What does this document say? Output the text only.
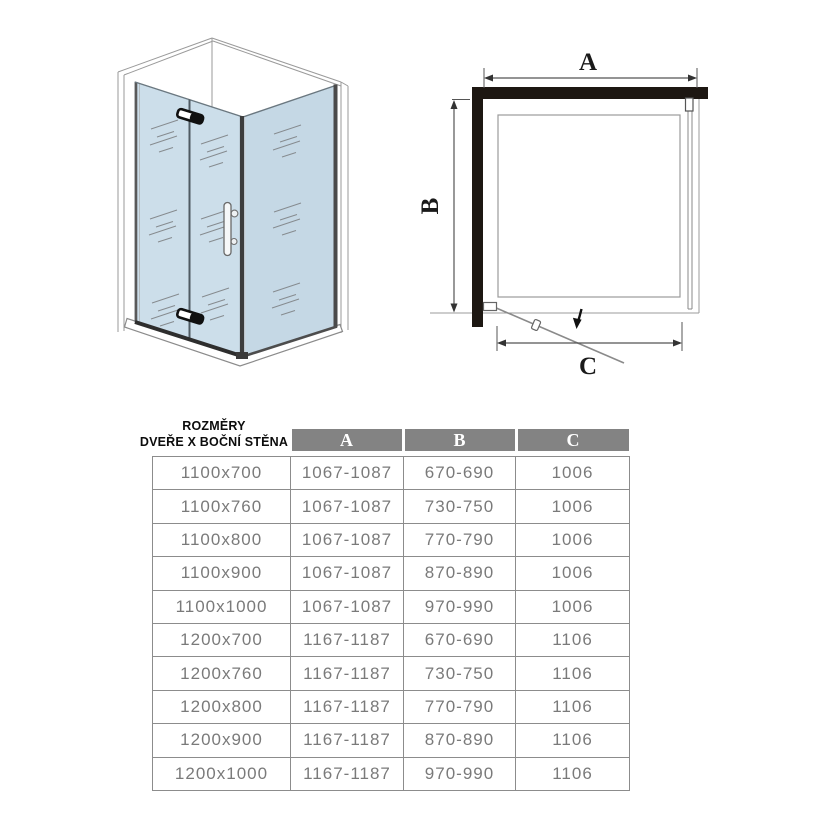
A
B
C
ROZMĚRY
DVEŘE X BOČNÍ STĚNA	A	B	C
1100x700	1067-1087	670-690	1006
1100x760	1067-1087	730-750	1006
1100x800	1067-1087	770-790	1006
1100x900	1067-1087	870-890	1006
1100x1000	1067-1087	970-990	1006
1200x700	1167-1187	670-690	1106
1200x760	1167-1187	730-750	1106
1200x800	1167-1187	770-790	1106
1200x900	1167-1187	870-890	1106
1200x1000	1167-1187	970-990	1106
